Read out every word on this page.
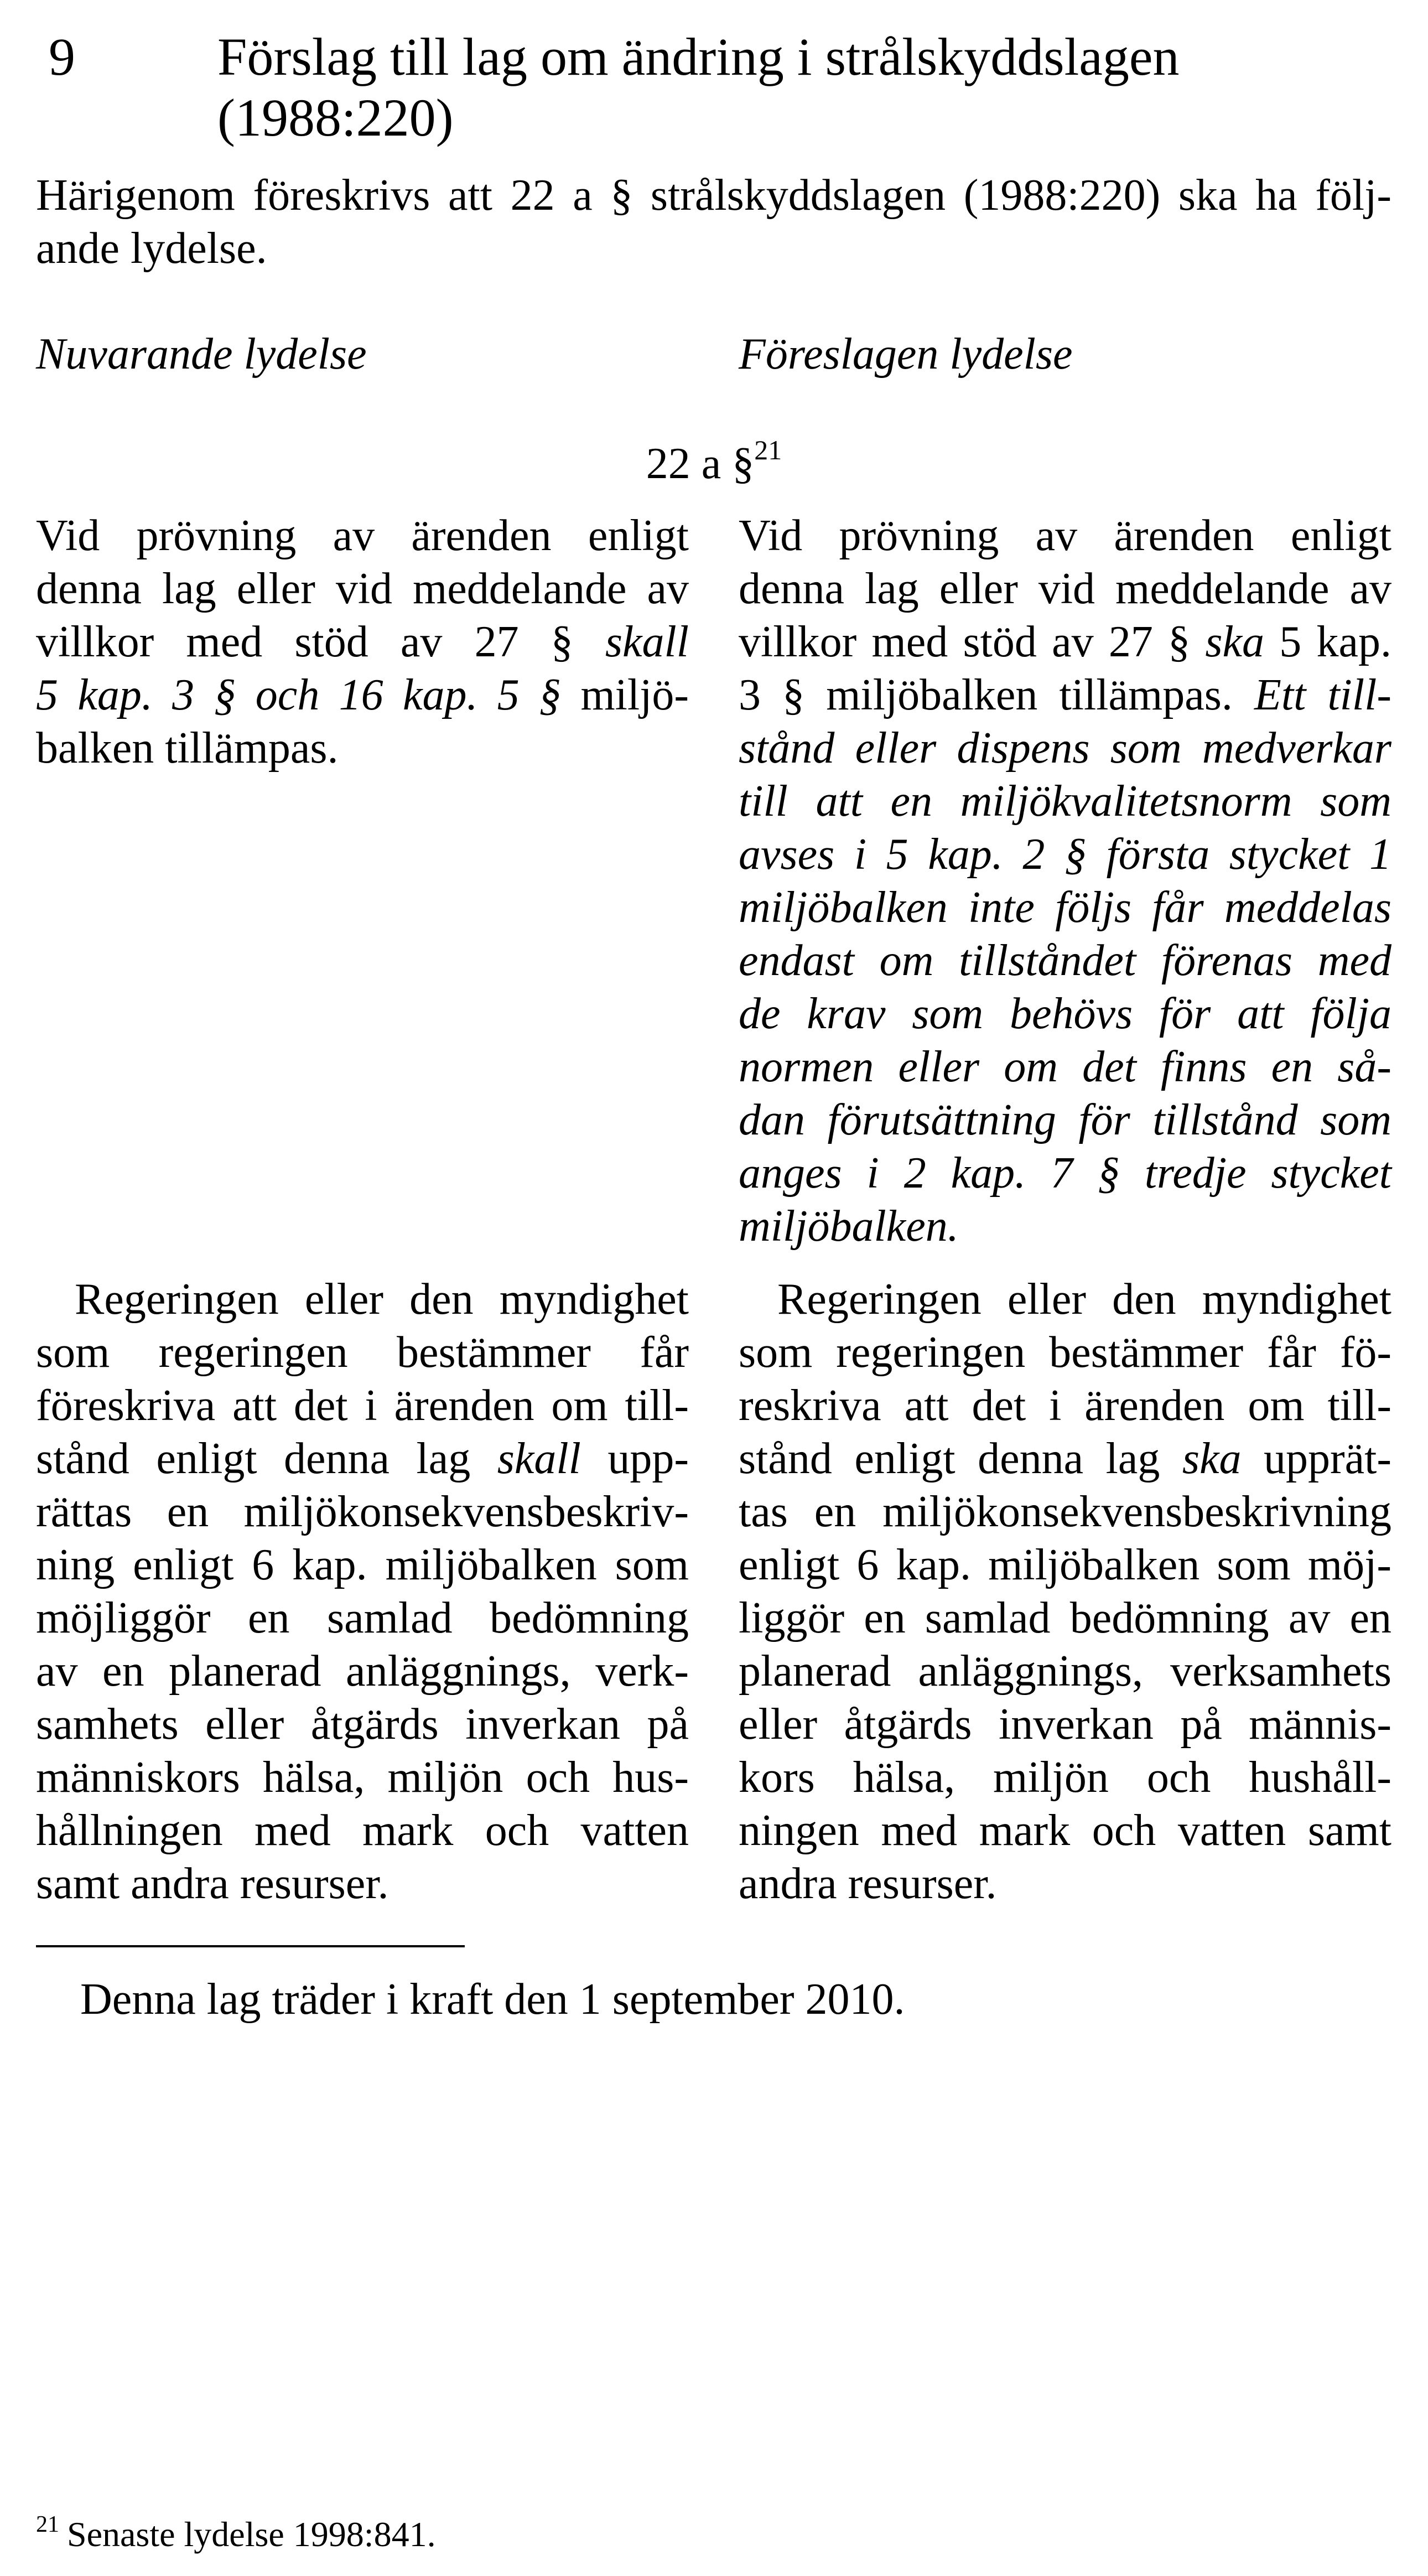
9	Förslag till lag om ändring i strålskyddslagen
(1988:220)
Härigenom föreskrivs att 22 a § strålskyddslagen (1988:220) ska ha följ-
ande lydelse.
Nuvarande lydelse	Föreslagen lydelse
22 a §$^{21}$
Vid prövning av ärenden enligt
denna lag eller vid meddelande av
villkor med stöd av 27 § skall
5 kap. 3 § och 16 kap. 5 § miljö-
balken tillämpas.
Regeringen eller den myndighet
som regeringen bestämmer får
föreskriva att det i ärenden om till-
stånd enligt denna lag skall upp-
rättas en miljökonsekvensbeskriv-
ning enligt 6 kap. miljöbalken som
möjliggör en samlad bedömning
av en planerad anläggnings, verk-
samhets eller åtgärds inverkan på
människors hälsa, miljön och hus-
hållningen med mark och vatten
samt andra resurser.
Vid prövning av ärenden enligt
denna lag eller vid meddelande av
villkor med stöd av 27 § ska 5 kap.
3 § miljöbalken tillämpas. Ett till-
stånd eller dispens som medverkar
till att en miljökvalitetsnorm som
avses i 5 kap. 2 § första stycket 1
miljöbalken inte följs får meddelas
endast om tillståndet förenas med
de krav som behövs för att följa
normen eller om det finns en så-
dan förutsättning för tillstånd som
anges i 2 kap. 7 § tredje stycket
miljöbalken.
Regeringen eller den myndighet
som regeringen bestämmer får fö-
reskriva att det i ärenden om till-
stånd enligt denna lag ska upprät-
tas en miljökonsekvensbeskrivning
enligt 6 kap. miljöbalken som möj-
liggör en samlad bedömning av en
planerad anläggnings, verksamhets
eller åtgärds inverkan på männis-
kors hälsa, miljön och hushåll-
ningen med mark och vatten samt
andra resurser.
Denna lag träder i kraft den 1 september 2010.
$^{21}$ Senaste lydelse 1998:841.
